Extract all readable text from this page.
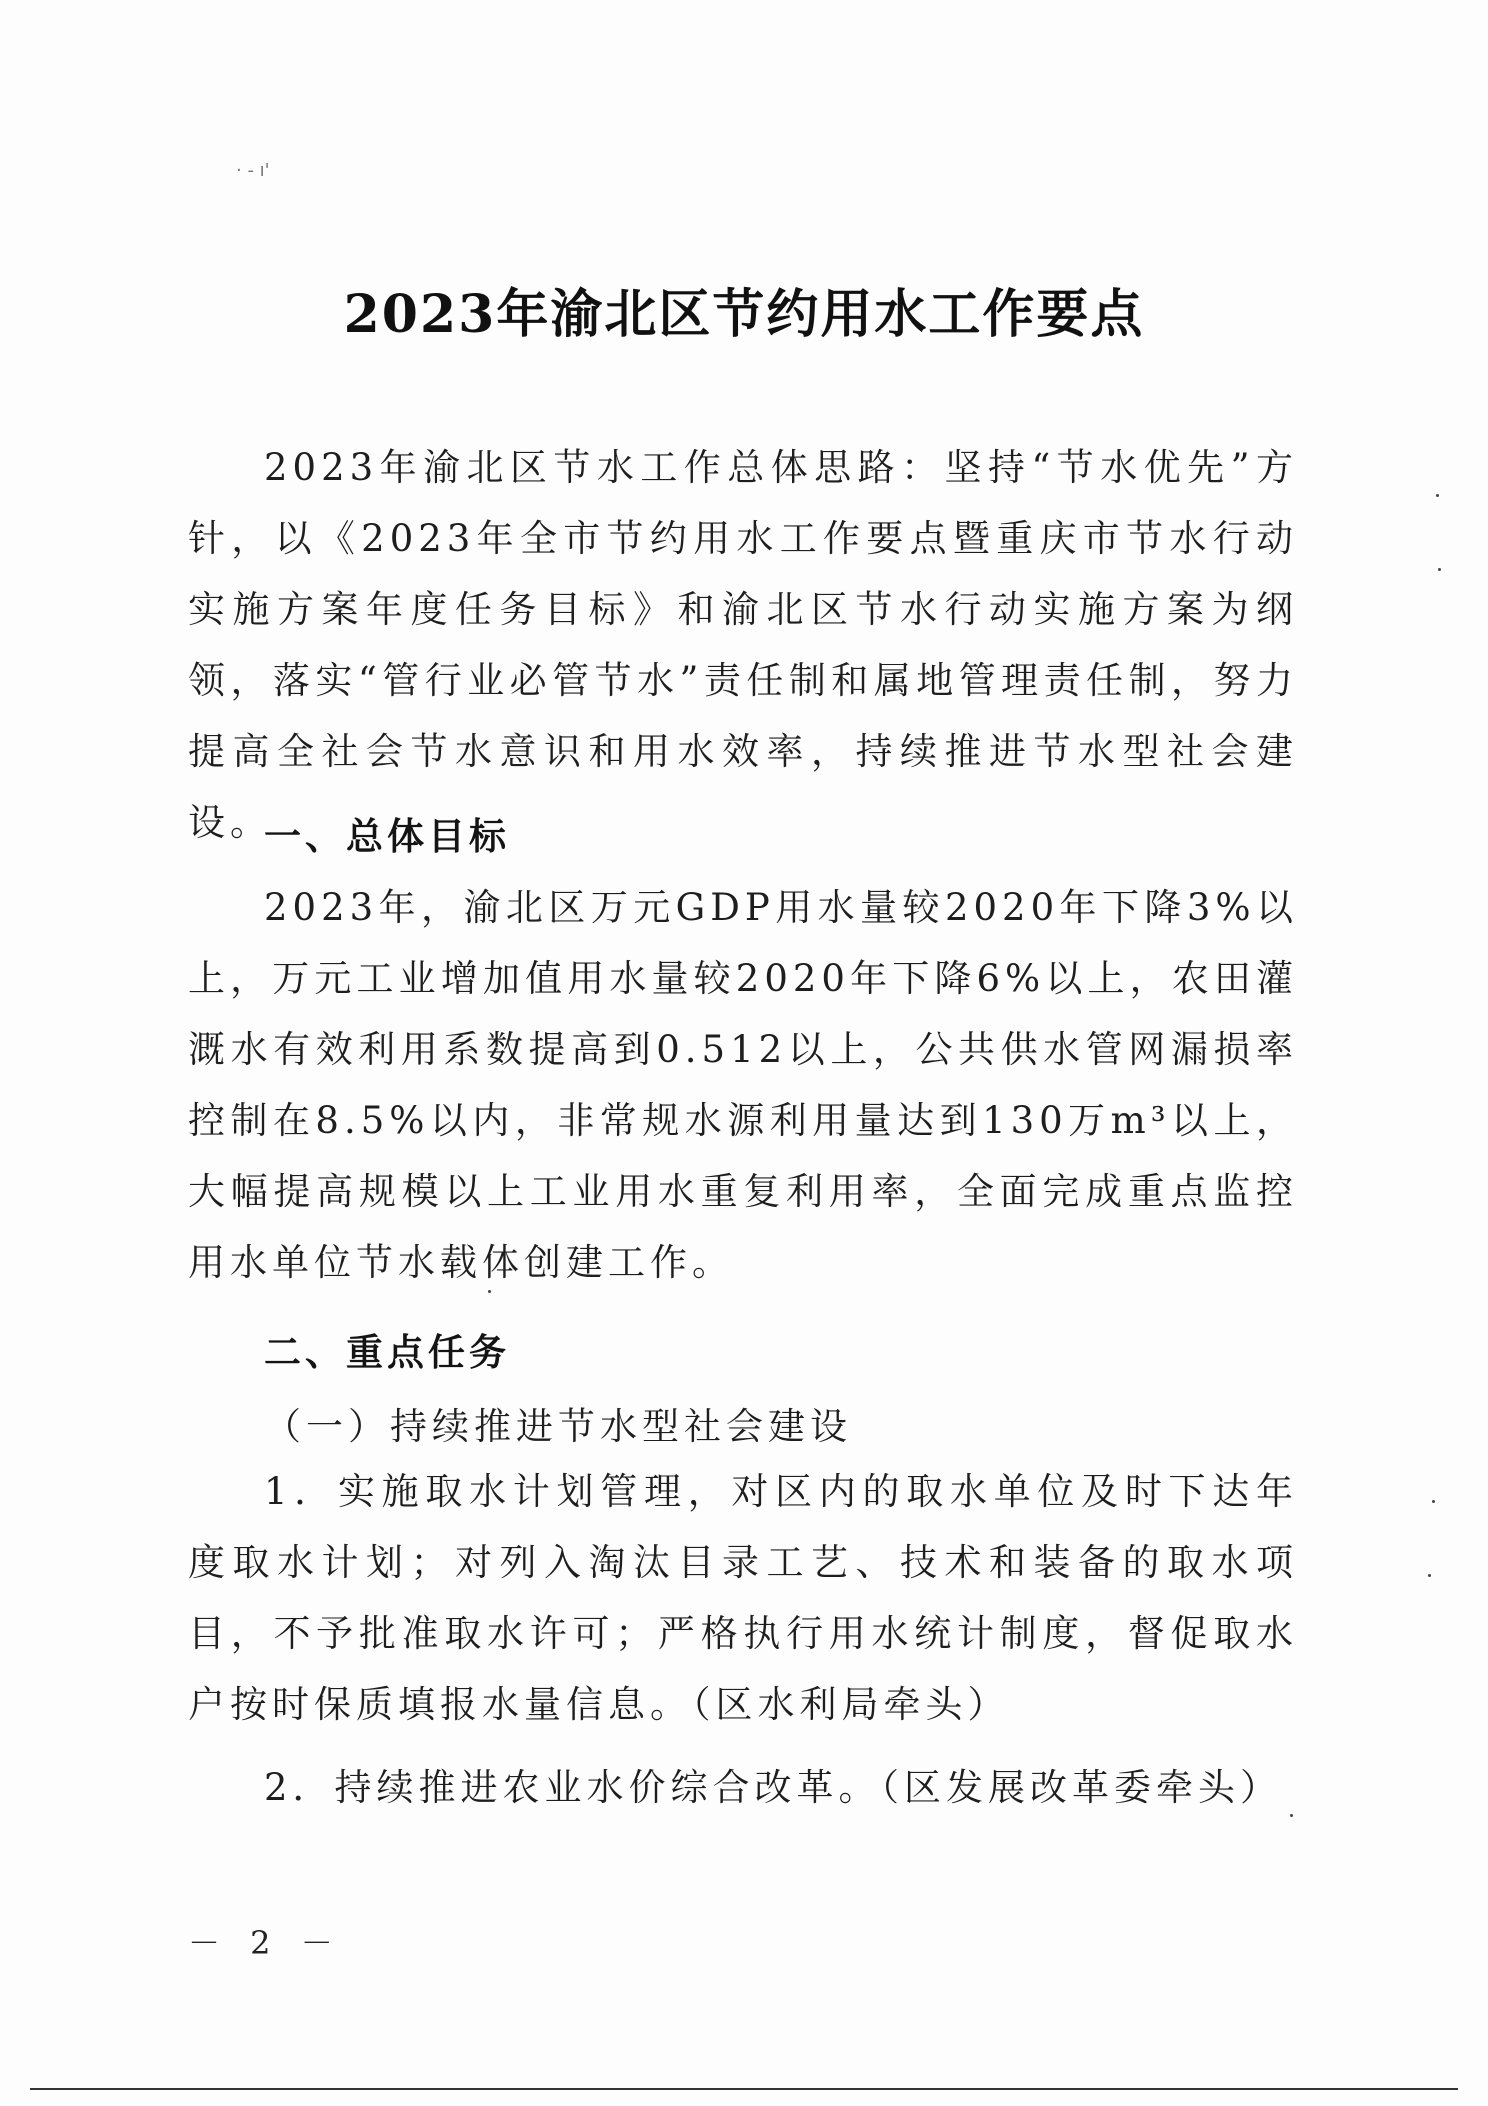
· ‑ ı'
2023年渝北区节约用水工作要点

2023年渝北区节水工作总体思路：坚持“节水优先”方针，以《2023年全市节约用水工作要点暨重庆市节水行动实施方案年度任务目标》和渝北区节水行动实施方案为纲领，落实“管行业必管节水”责任制和属地管理责任制，努力提高全社会节水意识和用水效率，持续推进节水型社会建设。

一、总体目标

2023年，渝北区万元GDP用水量较2020年下降3%以上，万元工业增加值用水量较2020年下降6%以上，农田灌溉水有效利用系数提高到0.512以上，公共供水管网漏损率控制在8.5%以内，非常规水源利用量达到130万m³以上，大幅提高规模以上工业用水重复利用率，全面完成重点监控用水单位节水载体创建工作。

二、重点任务
（一）持续推进节水型社会建设

1．实施取水计划管理，对区内的取水单位及时下达年度取水计划；对列入淘汰目录工艺、技术和装备的取水项目，不予批准取水许可；严格执行用水统计制度，督促取水户按时保质填报水量信息。（区水利局牵头）

2．持续推进农业水价综合改革。（区发展改革委牵头）

－ 2 －
